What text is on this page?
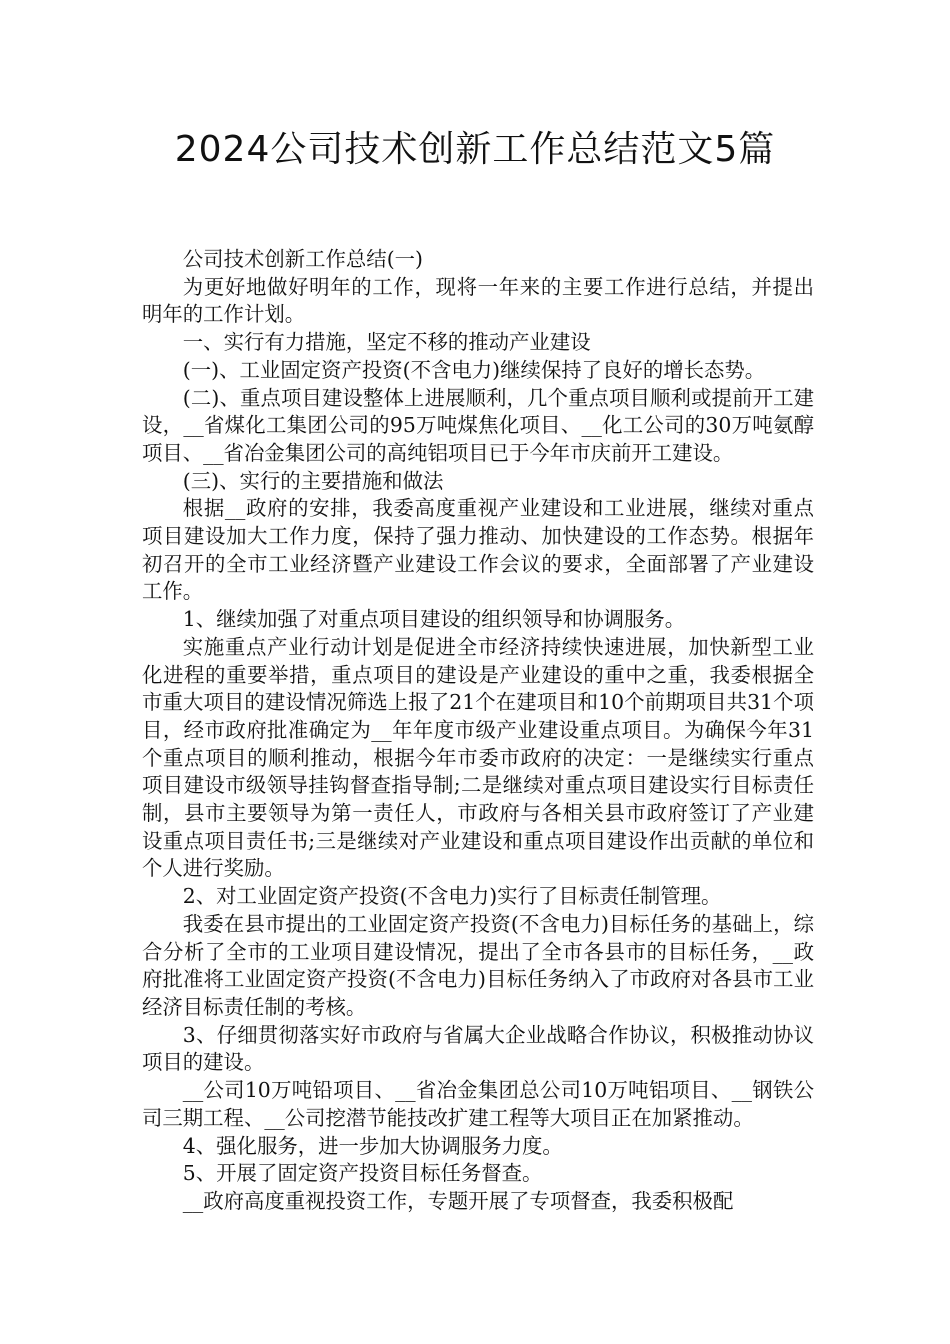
2024公司技术创新工作总结范文5篇

公司技术创新工作总结(一)

为更好地做好明年的工作，现将一年来的主要工作进行总结，并提出明年的工作计划。

一、实行有力措施，坚定不移的推动产业建设

(一)、工业固定资产投资(不含电力)继续保持了良好的增长态势。

(二)、重点项目建设整体上进展顺利，几个重点项目顺利或提前开工建设，__省煤化工集团公司的95万吨煤焦化项目、__化工公司的30万吨氨醇项目、__省冶金集团公司的高纯铝项目已于今年市庆前开工建设。

(三)、实行的主要措施和做法

根据__政府的安排，我委高度重视产业建设和工业进展，继续对重点项目建设加大工作力度，保持了强力推动、加快建设的工作态势。根据年初召开的全市工业经济暨产业建设工作会议的要求，全面部署了产业建设工作。

1、继续加强了对重点项目建设的组织领导和协调服务。

实施重点产业行动计划是促进全市经济持续快速进展，加快新型工业化进程的重要举措，重点项目的建设是产业建设的重中之重，我委根据全市重大项目的建设情况筛选上报了21个在建项目和10个前期项目共31个项目，经市政府批准确定为__年年度市级产业建设重点项目。为确保今年31个重点项目的顺利推动，根据今年市委市政府的决定：一是继续实行重点项目建设市级领导挂钩督查指导制;二是继续对重点项目建设实行目标责任制，县市主要领导为第一责任人，市政府与各相关县市政府签订了产业建设重点项目责任书;三是继续对产业建设和重点项目建设作出贡献的单位和个人进行奖励。

2、对工业固定资产投资(不含电力)实行了目标责任制管理。

我委在县市提出的工业固定资产投资(不含电力)目标任务的基础上，综合分析了全市的工业项目建设情况，提出了全市各县市的目标任务，__政府批准将工业固定资产投资(不含电力)目标任务纳入了市政府对各县市工业经济目标责任制的考核。

3、仔细贯彻落实好市政府与省属大企业战略合作协议，积极推动协议项目的建设。

__公司10万吨铅项目、__省冶金集团总公司10万吨铝项目、__钢铁公司三期工程、__公司挖潜节能技改扩建工程等大项目正在加紧推动。

4、强化服务，进一步加大协调服务力度。

5、开展了固定资产投资目标任务督查。

__政府高度重视投资工作，专题开展了专项督查，我委积极配
